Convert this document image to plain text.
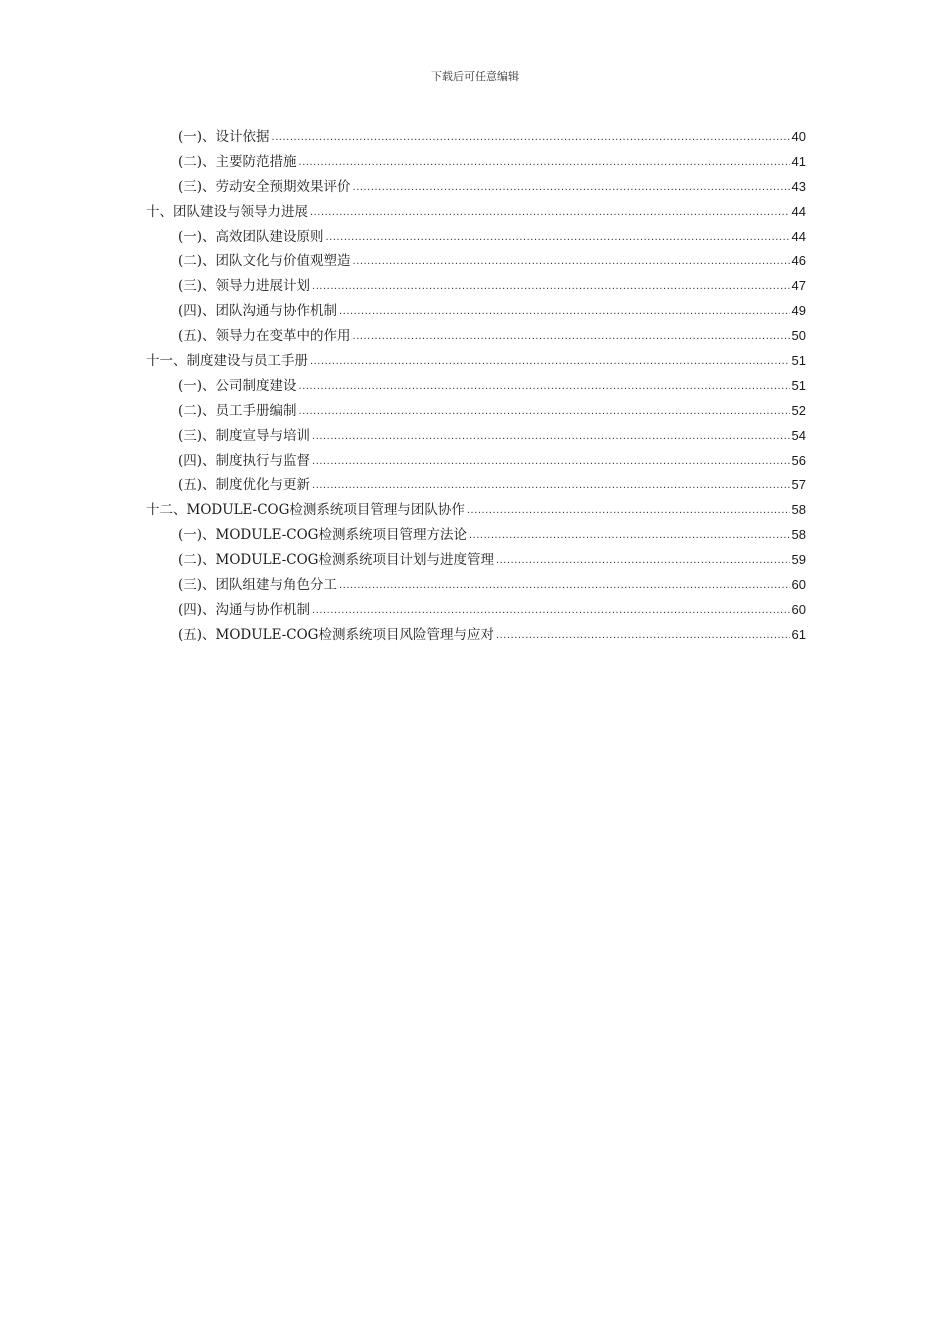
下载后可任意编辑
(一)、设计依据 .....	40
(二)、主要防范措施 .....	41
(三)、劳动安全预期效果评价 .....	43
十、团队建设与领导力进展 .....	44
(一)、高效团队建设原则 .....	44
(二)、团队文化与价值观塑造 .....	46
(三)、领导力进展计划 .....	47
(四)、团队沟通与协作机制 .....	49
(五)、领导力在变革中的作用 .....	50
十一、制度建设与员工手册 .....	51
(一)、公司制度建设 .....	51
(二)、员工手册编制 .....	52
(三)、制度宣导与培训 .....	54
(四)、制度执行与监督 .....	56
(五)、制度优化与更新 .....	57
十二、MODULE-COG检测系统项目管理与团队协作 .....	58
(一)、MODULE-COG检测系统项目管理方法论 .....	58
(二)、MODULE-COG检测系统项目计划与进度管理 .....	59
(三)、团队组建与角色分工 .....	60
(四)、沟通与协作机制 .....	60
(五)、MODULE-COG检测系统项目风险管理与应对 .....	61
